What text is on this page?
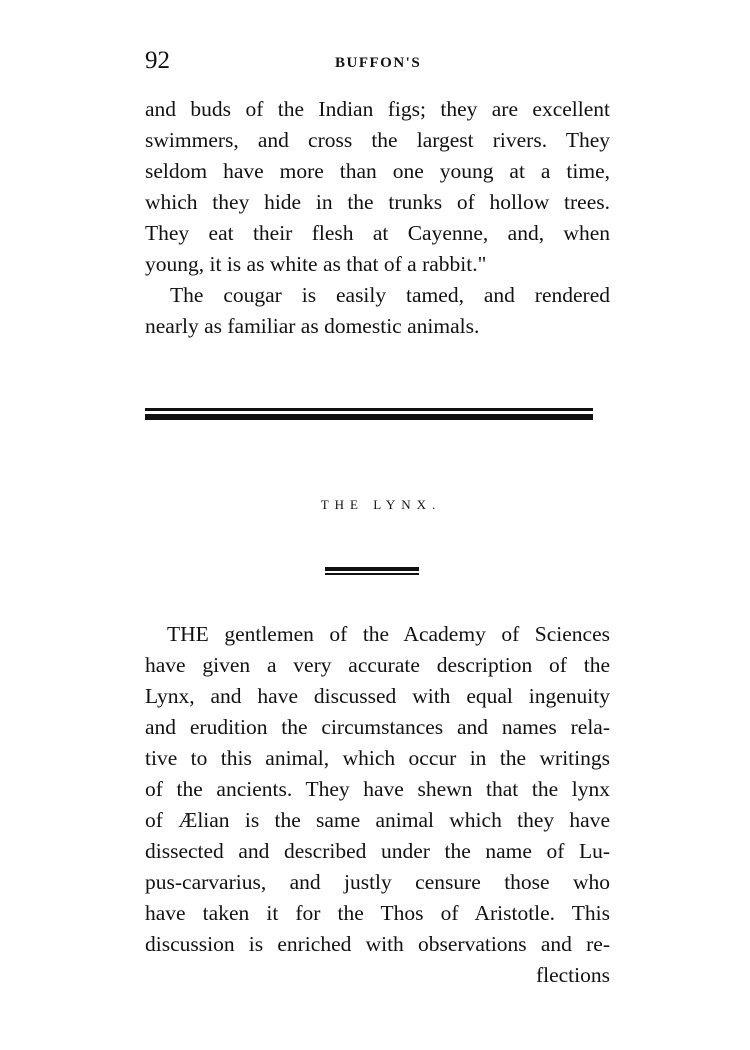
92	BUFFON'S
and buds of the Indian figs; they are excellent
swimmers, and cross the largest rivers. They
seldom have more than one young at a time,
which they hide in the trunks of hollow trees.
They eat their flesh at Cayenne, and, when
young, it is as white as that of a rabbit."
The cougar is easily tamed, and rendered
nearly as familiar as domestic animals.
THE LYNX.
THE gentlemen of the Academy of Sciences
have given a very accurate description of the
Lynx, and have discussed with equal ingenuity
and erudition the circumstances and names rela-
tive to this animal, which occur in the writings
of the ancients. They have shewn that the lynx
of Ælian is the same animal which they have
dissected and described under the name of Lu-
pus-carvarius, and justly censure those who
have taken it for the Thos of Aristotle. This
discussion is enriched with observations and re-
flections
